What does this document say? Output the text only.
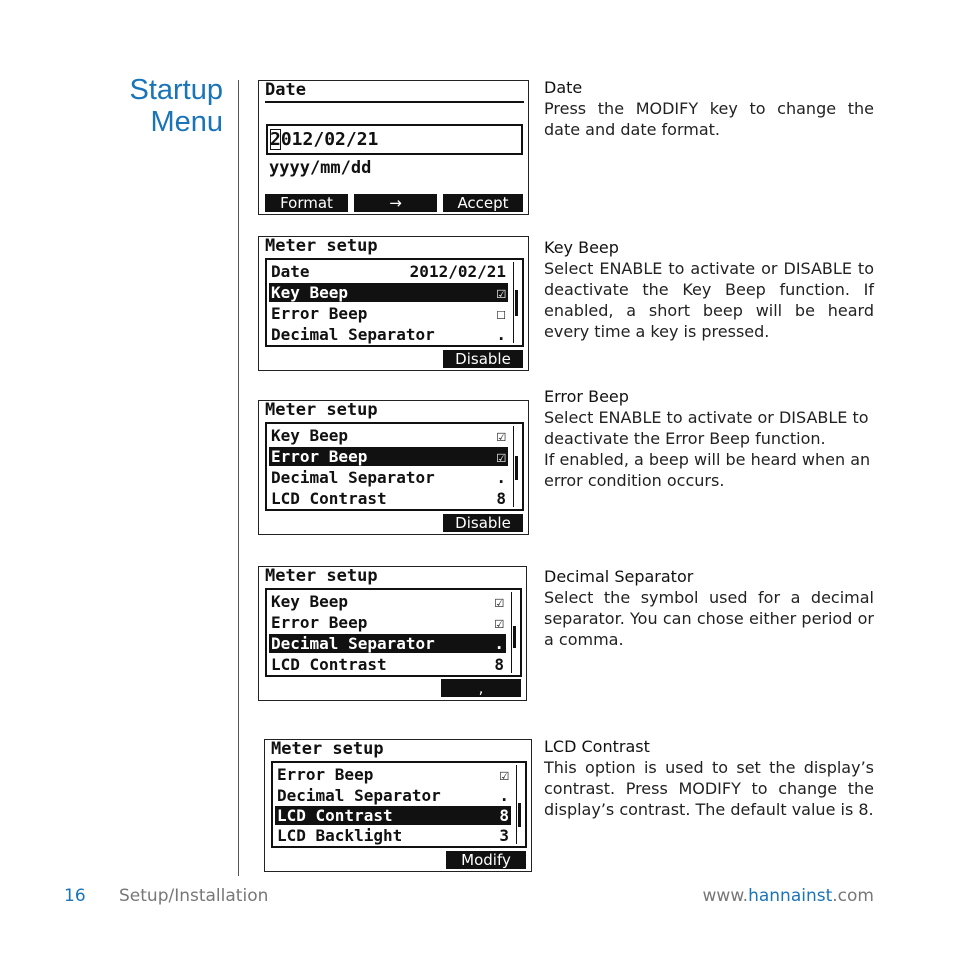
Startup
Menu
Date
2012/02/21
yyyy/mm/dd
Format	→	Accept
Meter setup
Date	2012/02/21
Key Beep	☑
Error Beep	☐
Decimal Separator	.
Disable
Meter setup
Key Beep	☑
Error Beep	☑
Decimal Separator	.
LCD Contrast	8
Disable
Meter setup
Key Beep	☑
Error Beep	☑
Decimal Separator	.
LCD Contrast	8
,
Meter setup
Error Beep	☑
Decimal Separator	.
LCD Contrast	8
LCD Backlight	3
Modify
Date

Press the MODIFY key to change the date and date format.

Key Beep

Select ENABLE to activate or DISABLE to deactivate the Key Beep function. If enabled, a short beep will be heard every time a key is pressed.

Error Beep

Select ENABLE to activate or DISABLE to deactivate the Error Beep function.

If enabled, a beep will be heard when an error condition occurs.

Decimal Separator

Select the symbol used for a decimal separator. You can chose either period or a comma.

LCD Contrast

This option is used to set the display’s contrast. Press MODIFY to change the display’s contrast. The default value is 8.

16 Setup/Installation	www.hannainst.com
